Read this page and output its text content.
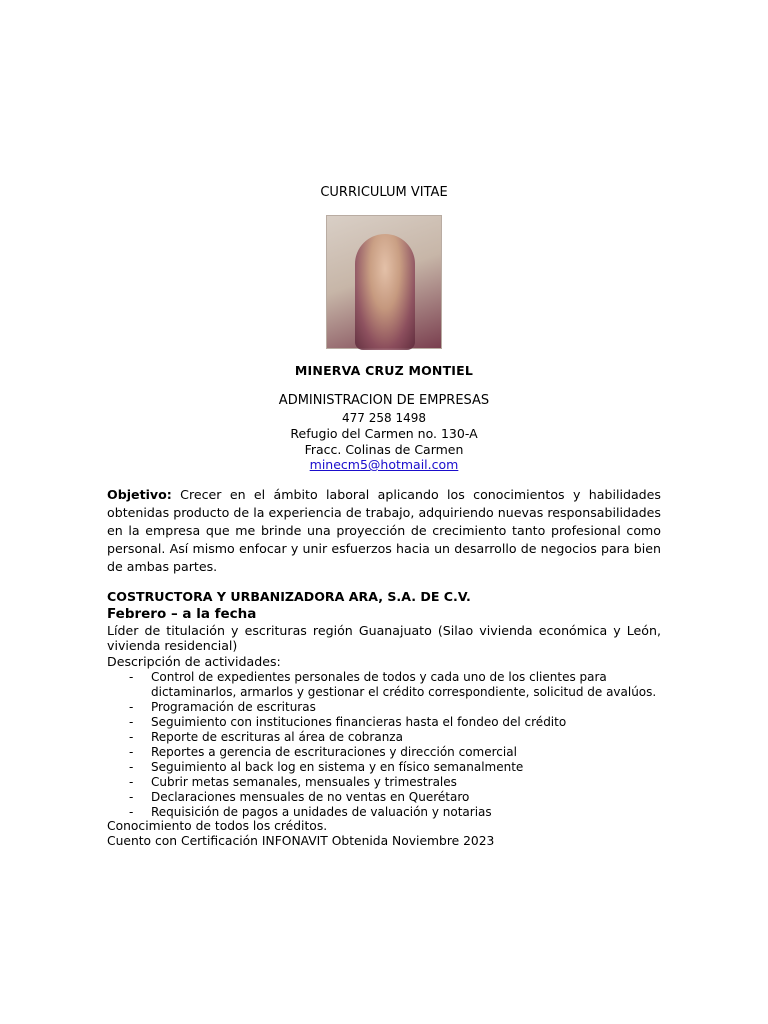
CURRICULUM VITAE
MINERVA CRUZ MONTIEL
ADMINISTRACION DE EMPRESAS
477 258 1498
Refugio del Carmen no. 130-A
Fracc. Colinas de Carmen
minecm5@hotmail.com
Objetivo: Crecer en el ámbito laboral aplicando los conocimientos y habilidades obtenidas producto de la experiencia de trabajo, adquiriendo nuevas responsabilidades en la empresa que me brinde una proyección de crecimiento tanto profesional como personal. Así mismo enfocar y unir esfuerzos hacia un desarrollo de negocios para bien de ambas partes.
COSTRUCTORA Y URBANIZADORA ARA, S.A. DE C.V.
Febrero – a la fecha
Líder de titulación y escrituras región Guanajuato (Silao vivienda económica y León, vivienda residencial)
Descripción de actividades:
- Control de expedientes personales de todos y cada uno de los clientes para dictaminarlos, armarlos y gestionar el crédito correspondiente, solicitud de avalúos.
- Programación de escrituras
- Seguimiento con instituciones financieras hasta el fondeo del crédito
- Reporte de escrituras al área de cobranza
- Reportes a gerencia de escrituraciones y dirección comercial
- Seguimiento al back log en sistema y en físico semanalmente
- Cubrir metas semanales, mensuales y trimestrales
- Declaraciones mensuales de no ventas en Querétaro
- Requisición de pagos a unidades de valuación y notarias
Conocimiento de todos los créditos.
Cuento con Certificación INFONAVIT Obtenida Noviembre 2023
